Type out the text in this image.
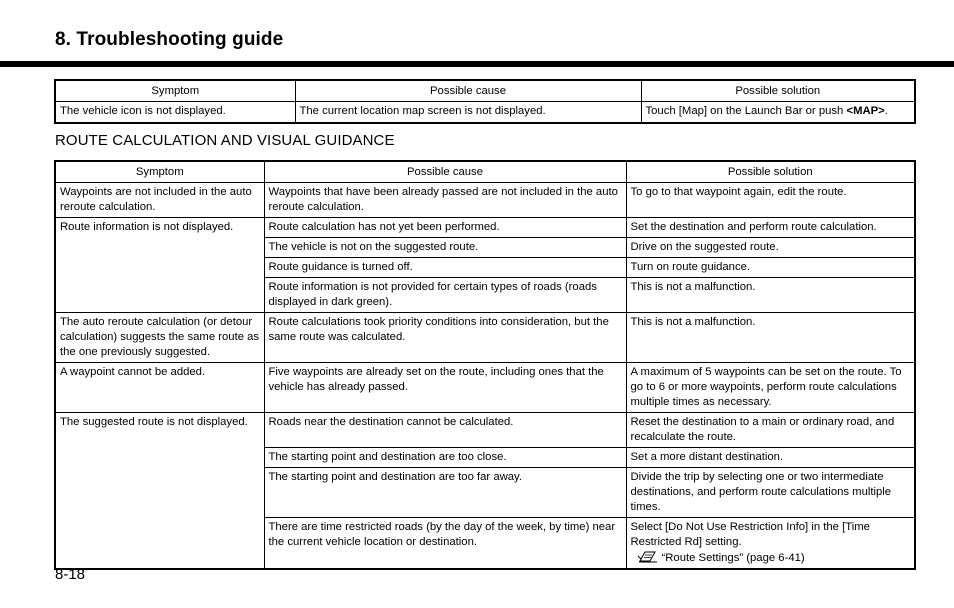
8. Troubleshooting guide
Symptom	Possible cause	Possible solution
The vehicle icon is not displayed.	The current location map screen is not displayed.	Touch [Map] on the Launch Bar or push <MAP>.
ROUTE CALCULATION AND VISUAL GUIDANCE
Symptom	Possible cause	Possible solution
Waypoints are not included in the auto reroute calculation.	Waypoints that have been already passed are not included in the auto reroute calculation.	To go to that waypoint again, edit the route.
Route information is not displayed.	Route calculation has not yet been performed.	Set the destination and perform route calculation.
	The vehicle is not on the suggested route.	Drive on the suggested route.
	Route guidance is turned off.	Turn on route guidance.
	Route information is not provided for certain types of roads (roads displayed in dark green).	This is not a malfunction.
The auto reroute calculation (or detour calculation) suggests the same route as the one previously suggested.	Route calculations took priority conditions into consideration, but the same route was calculated.	This is not a malfunction.
A waypoint cannot be added.	Five waypoints are already set on the route, including ones that the vehicle has already passed.	A maximum of 5 waypoints can be set on the route. To go to 6 or more waypoints, perform route calculations multiple times as necessary.
The suggested route is not displayed.	Roads near the destination cannot be calculated.	Reset the destination to a main or ordinary road, and recalculate the route.
	The starting point and destination are too close.	Set a more distant destination.
	The starting point and destination are too far away.	Divide the trip by selecting one or two intermediate destinations, and perform route calculations multiple times.
	There are time restricted roads (by the day of the week, by time) near the current vehicle location or destination.	Select [Do Not Use Restriction Info] in the [Time Restricted Rd] setting.
“Route Settings” (page 6-41)
8-18
